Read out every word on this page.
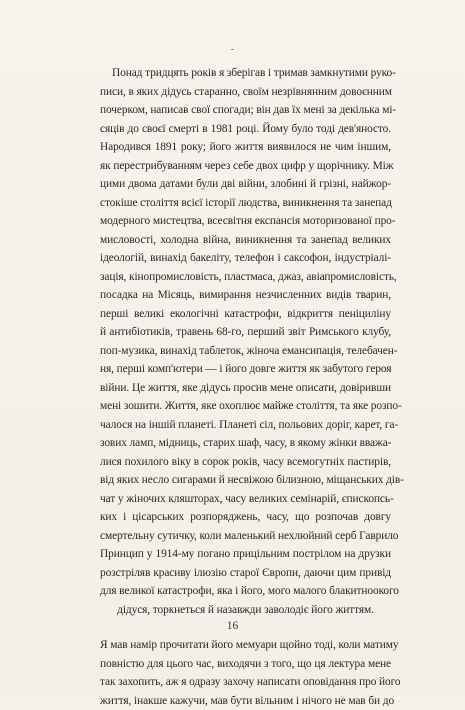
-
Понад тридцять років я зберігав і тримав замкнутими руко-
писи, в яких дідусь старанно, своїм незрівнянним довоєнним
почерком, написав свої спогади; він дав їх мені за декілька мі-
сяців до своєї смерті в 1981 році. Йому було тоді дев'яносто.
Народився 1891 року; його життя виявилося не чим іншим,
як перестрибуванням через себе двох цифр у щорічнику. Між
цими двома датами були дві війни, злобині й грізні, найжор-
стокіше століття всієї історії людства, виникнення та занепад
модерного мистецтва, всесвітня експансія моторизованої про-
мисловості, холодна війна, виникнення та занепад великих
ідеологій, винахід бакеліту, телефон і саксофон, індустріалі-
зація, кінопромисловість, пластмаса, джаз, авіапромисловість,
посадка на Місяць, вимирання незчисленних видів тварин,
перші великі екологічні катастрофи, відкриття пеніциліну
й антибіотиків, травень 68-го, перший звіт Римського клубу,
поп-музика, винахід таблеток, жіноча емансипація, телебачен-
ня, перші комп'ютери — і його довге життя як забутого героя
війни. Це життя, яке дідусь просив мене описати, довіривши
мені зошити. Життя, яке охоплює майже століття, та яке розпо-
чалося на іншій планеті. Планеті сіл, польових доріг, карет, га-
зових ламп, мідниць, старих шаф, часу, в якому жінки вважа-
лися похилого віку в сорок років, часу всемогутніх пастирів,
від яких несло сигарами й несвіжою білизною, міщанських дів-
чат у жіночих кляшторах, часу великих семінарій, єпископсь-
ких і цісарських розпоряджень, часу, що розпочав довгу
смертельну сутичку, коли маленький нехлюйний серб Гаврило
Принцип у 1914-му погано прицільним пострілом на друзки
розстріляв красиву ілюзію старої Європи, даючи цим привід
для великої катастрофи, яка і його, мого малого блакитноокого
дідуся, торкнеться й назавжди заволодіє його життям.
Я мав намір прочитати його мемуари щойно тоді, коли матиму
повністю для цього час, виходячи з того, що ця лектура мене
так захопить, аж я одразу захочу написати оповідання про його
життя, інакше кажучи, мав бути вільним і нічого не мав би до
16
